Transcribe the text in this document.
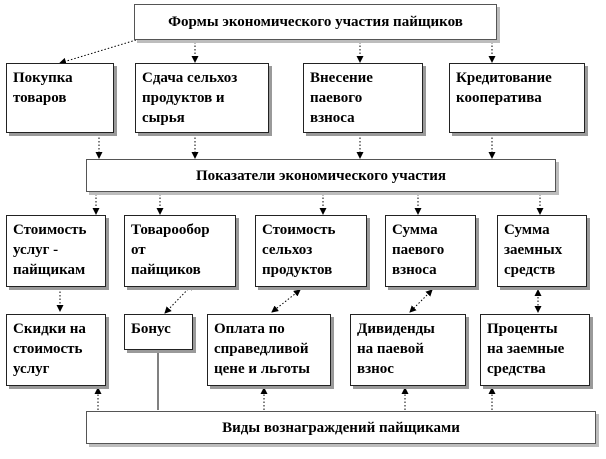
Формы экономического участия пайщиков
Покупка
товаров
Сдача сельхоз
продуктов и
сырья
Внесение
паевого
взноса
Кредитование
кооператива
Показатели экономического участия
Стоимость
услуг -
пайщикам
Товарообор
от
пайщиков
Стоимость
сельхоз
продуктов
Сумма
паевого
взноса
Сумма
заемных
средств
Скидки на
стоимость
услуг
Бонус	Оплата по
справедливой
цене и льготы
Дивиденды
на паевой
взнос
Проценты
на заемные
средства
Виды вознаграждений пайщиками
